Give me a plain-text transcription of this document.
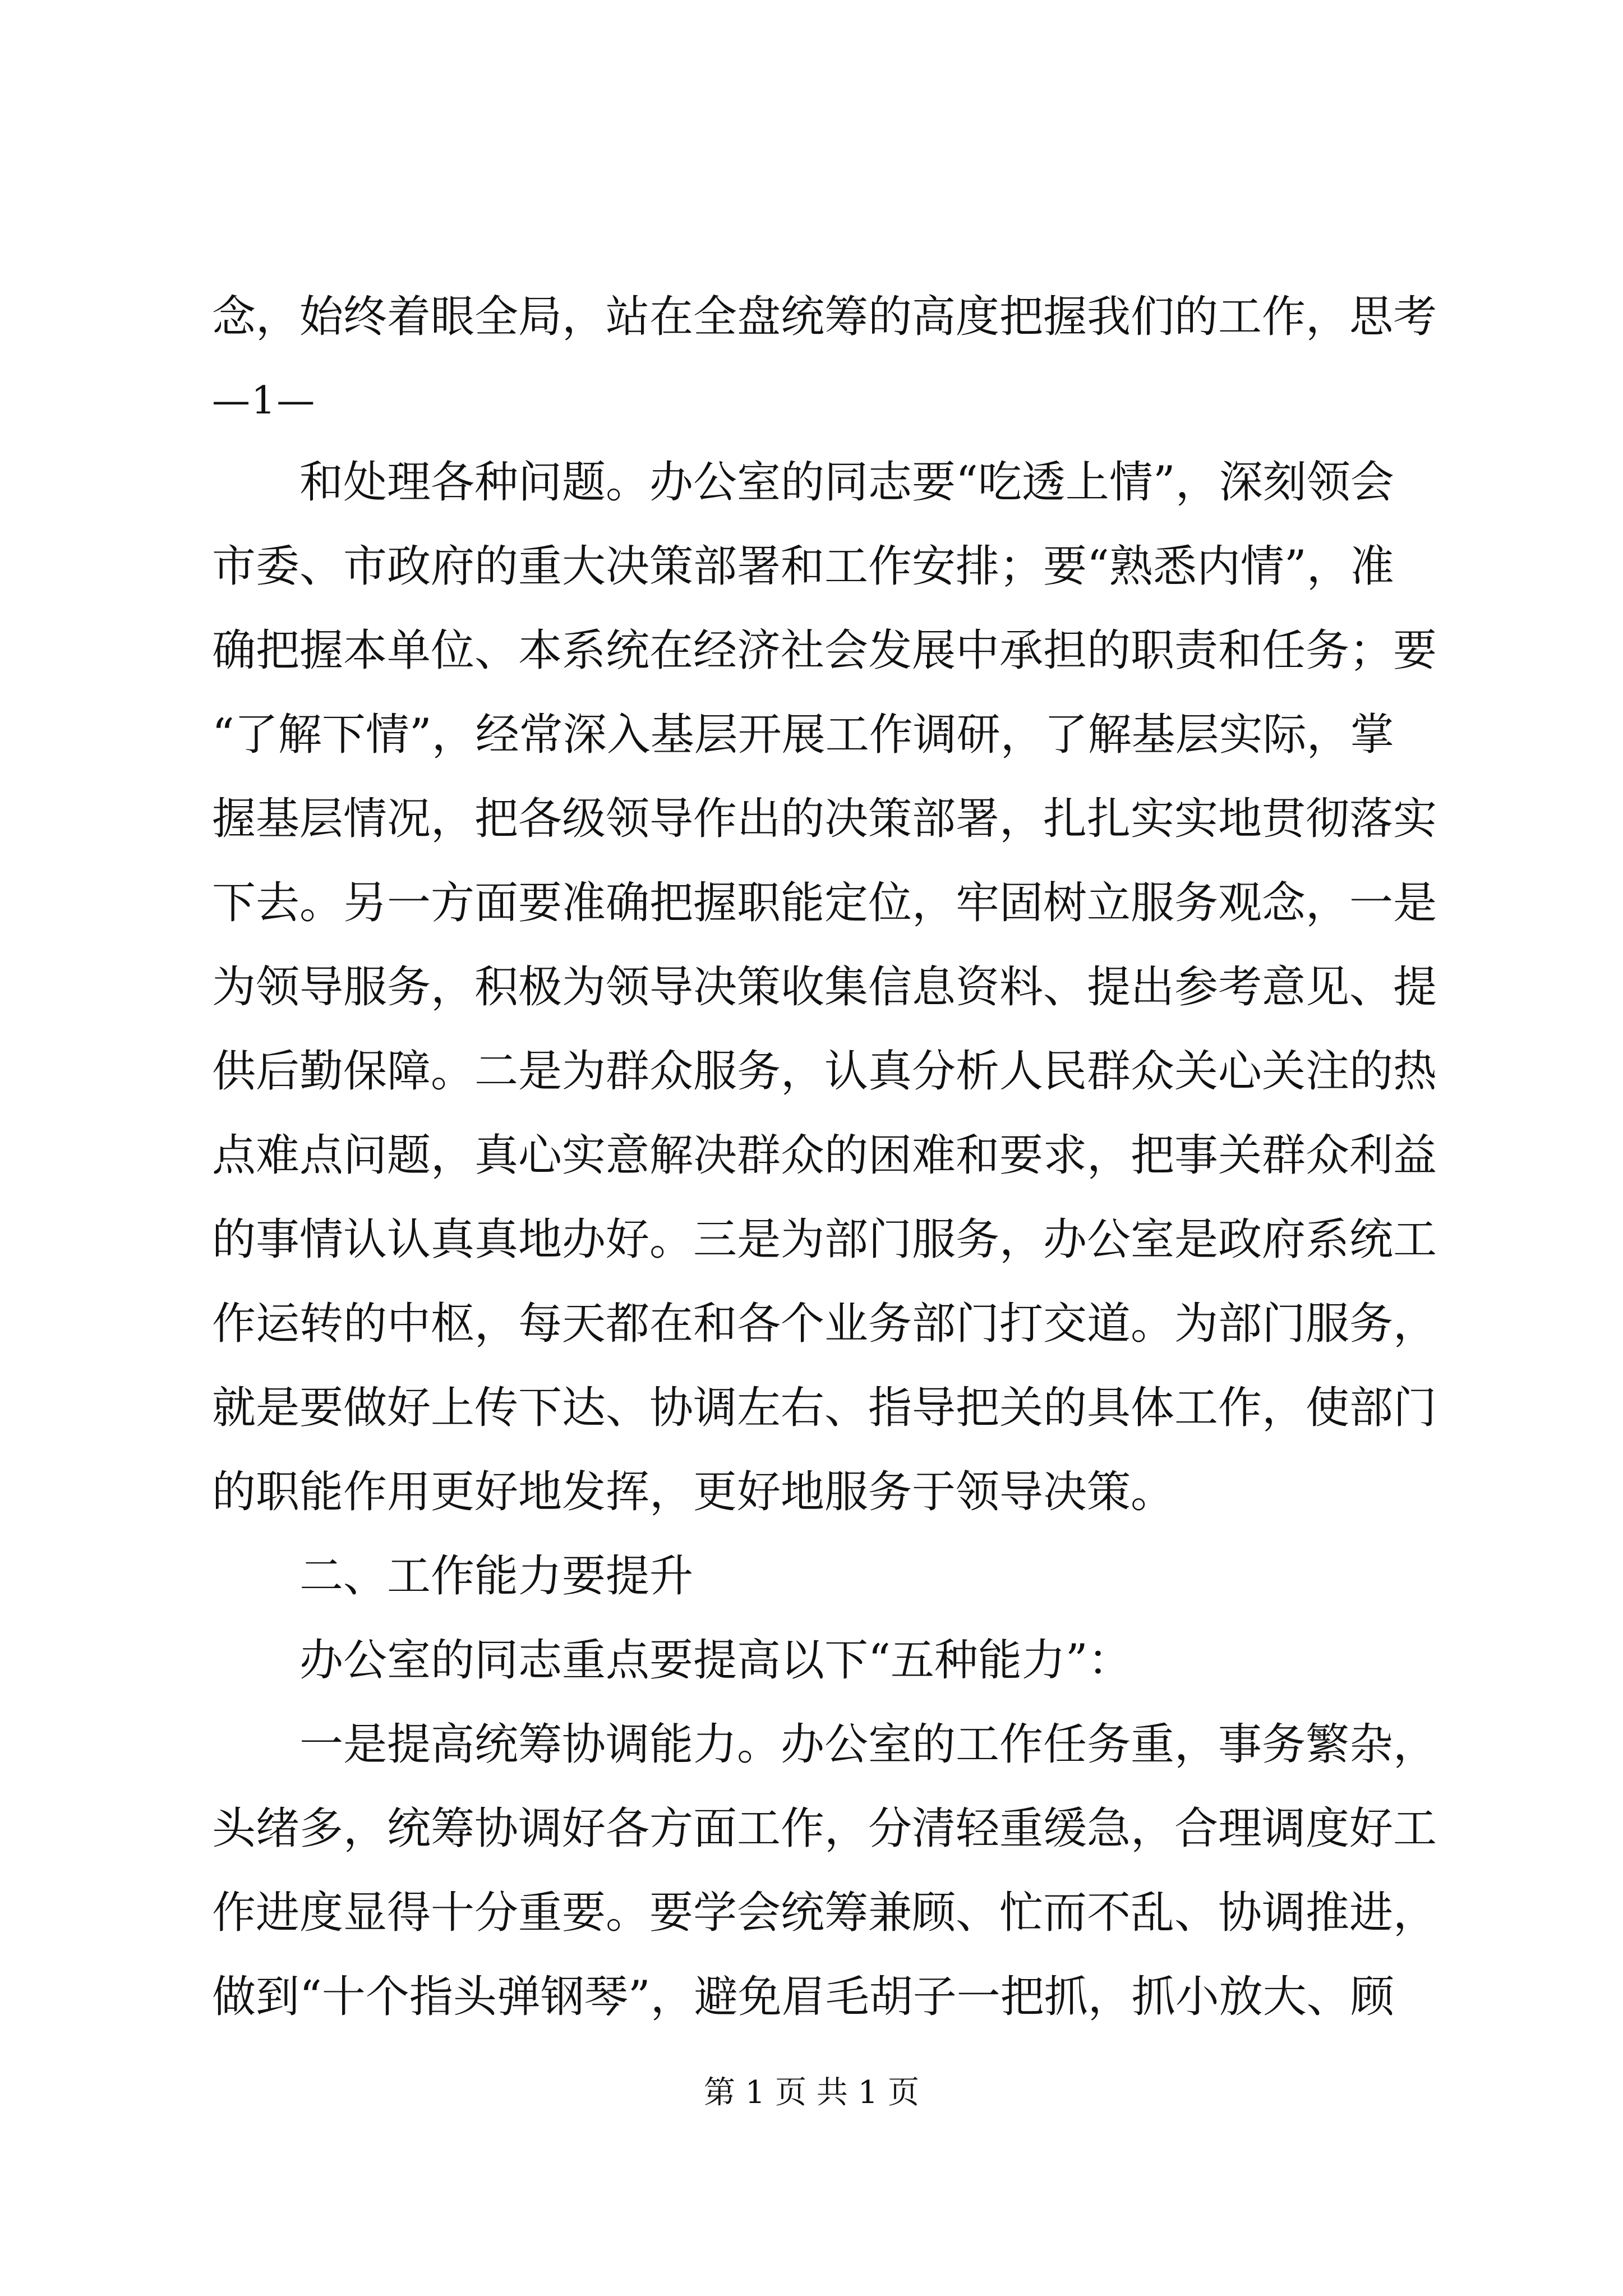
念，始终着眼全局，站在全盘统筹的高度把握我们的工作，思考
—1—
和处理各种问题。办公室的同志要“吃透上情”，深刻领会
市委、市政府的重大决策部署和工作安排；要“熟悉内情”，准
确把握本单位、本系统在经济社会发展中承担的职责和任务；要
“了解下情”，经常深入基层开展工作调研，了解基层实际，掌
握基层情况，把各级领导作出的决策部署，扎扎实实地贯彻落实
下去。另一方面要准确把握职能定位，牢固树立服务观念，一是
为领导服务，积极为领导决策收集信息资料、提出参考意见、提
供后勤保障。二是为群众服务，认真分析人民群众关心关注的热
点难点问题，真心实意解决群众的困难和要求，把事关群众利益
的事情认认真真地办好。三是为部门服务，办公室是政府系统工
作运转的中枢，每天都在和各个业务部门打交道。为部门服务，
就是要做好上传下达、协调左右、指导把关的具体工作，使部门
的职能作用更好地发挥，更好地服务于领导决策。
二、工作能力要提升
办公室的同志重点要提高以下“五种能力”：
一是提高统筹协调能力。办公室的工作任务重，事务繁杂，
头绪多，统筹协调好各方面工作，分清轻重缓急，合理调度好工
作进度显得十分重要。要学会统筹兼顾、忙而不乱、协调推进，
做到“十个指头弹钢琴”，避免眉毛胡子一把抓，抓小放大、顾
第 1 页 共 1 页
